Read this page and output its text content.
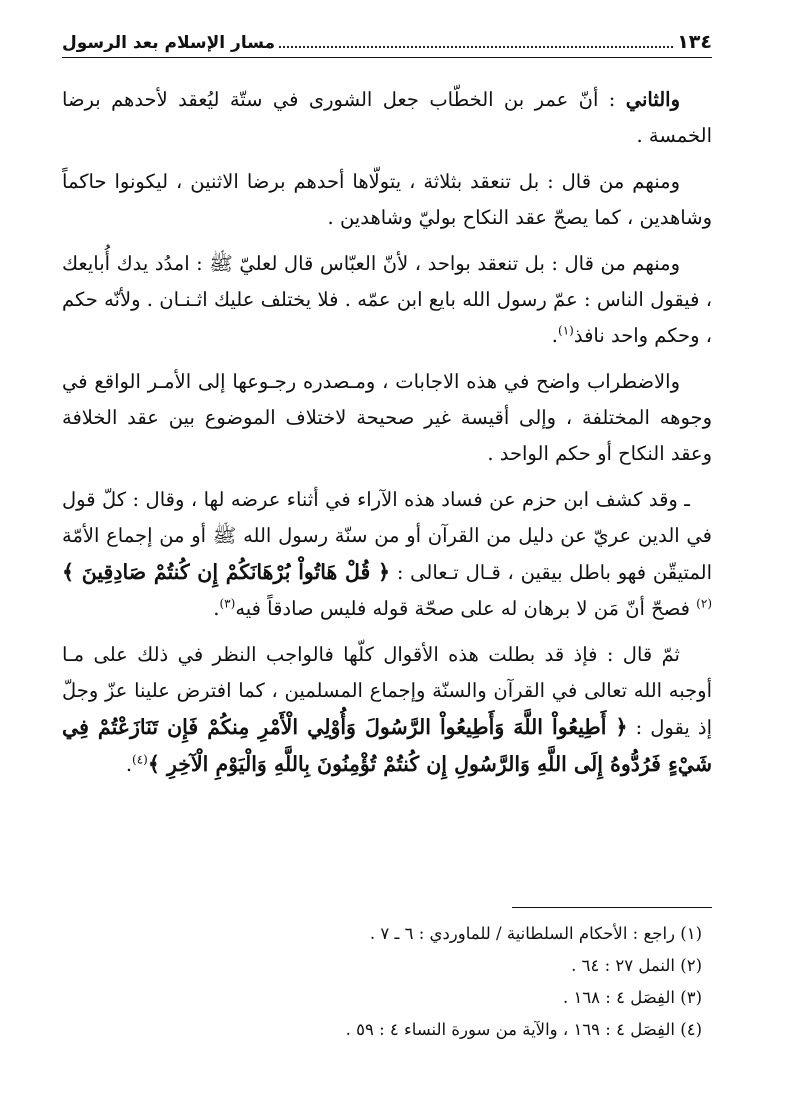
١٣٤
مسار الإسلام بعد الرسول

والثاني : أنّ عمر بن الخطّاب جعل الشورى في ستّة ليُعقد لأحدهم برضا الخمسة .

ومنهم من قال : بل تنعقد بثلاثة ، يتولّاها أحدهم برضا الاثنين ، ليكونوا حاكماً وشاهدين ، كما يصحّ عقد النكاح بوليّ وشاهدين .

ومنهم من قال : بل تنعقد بواحد ، لأنّ العبّاس قال لعليّ ﷺ : امدُد يدك أُبايعك ، فيقول الناس : عمّ رسول الله بايع ابن عمّه . فلا يختلف عليك اثـنـان . ولأنّه حكم ، وحكم واحد نافذ$^{(١)}$.

والاضطراب واضح في هذه الاجابات ، ومـصدره رجـوعها إلى الأمـر الواقع في وجوهه المختلفة ، وإلى أقيسة غير صحيحة لاختلاف الموضوع بين عقد الخلافة وعقد النكاح أو حكم الواحد .

ـ وقد كشف ابن حزم عن فساد هذه الآراء في أثناء عرضه لها ، وقال : كلّ قول في الدين عريّ عن دليل من القرآن أو من سنّة رسول الله ﷺ أو من إجماع الأمّة المتيقّن فهو باطل بيقين ، قـال تـعالى : ﴿ قُلْ هَاتُواْ بُرْهَانَكُمْ إِن كُنتُمْ صَادِقِينَ ﴾$^{(٢)}$ فصحّ أنّ مَن لا برهان له على صحّة قوله فليس صادقاً فيه$^{(٣)}$.

ثمّ قال : فإذ قد بطلت هذه الأقوال كلّها فالواجب النظر في ذلك على مـا أوجبه الله تعالى في القرآن والسنّة وإجماع المسلمين ، كما افترض علينا عزّ وجلّ إذ يقول : ﴿ أَطِيعُواْ اللَّهَ وَأَطِيعُواْ الرَّسُولَ وَأُوْلِي الْأَمْرِ مِنكُمْ فَإِن تَنَازَعْتُمْ فِي شَيْءٍ فَرُدُّوهُ إِلَى اللَّهِ وَالرَّسُولِ إِن كُنتُمْ تُؤْمِنُونَ بِاللَّهِ وَالْيَوْمِ الْآخِرِ ﴾$^{(٤)}$.

(١) راجع : الأحكام السلطانية / للماوردي : ٦ ـ ٧ .
(٢) النمل ٢٧ : ٦٤ .
(٣) الفِصَل ٤ : ١٦٨ .
(٤) الفِصَل ٤ : ١٦٩ ، والآية من سورة النساء ٤ : ٥٩ .
